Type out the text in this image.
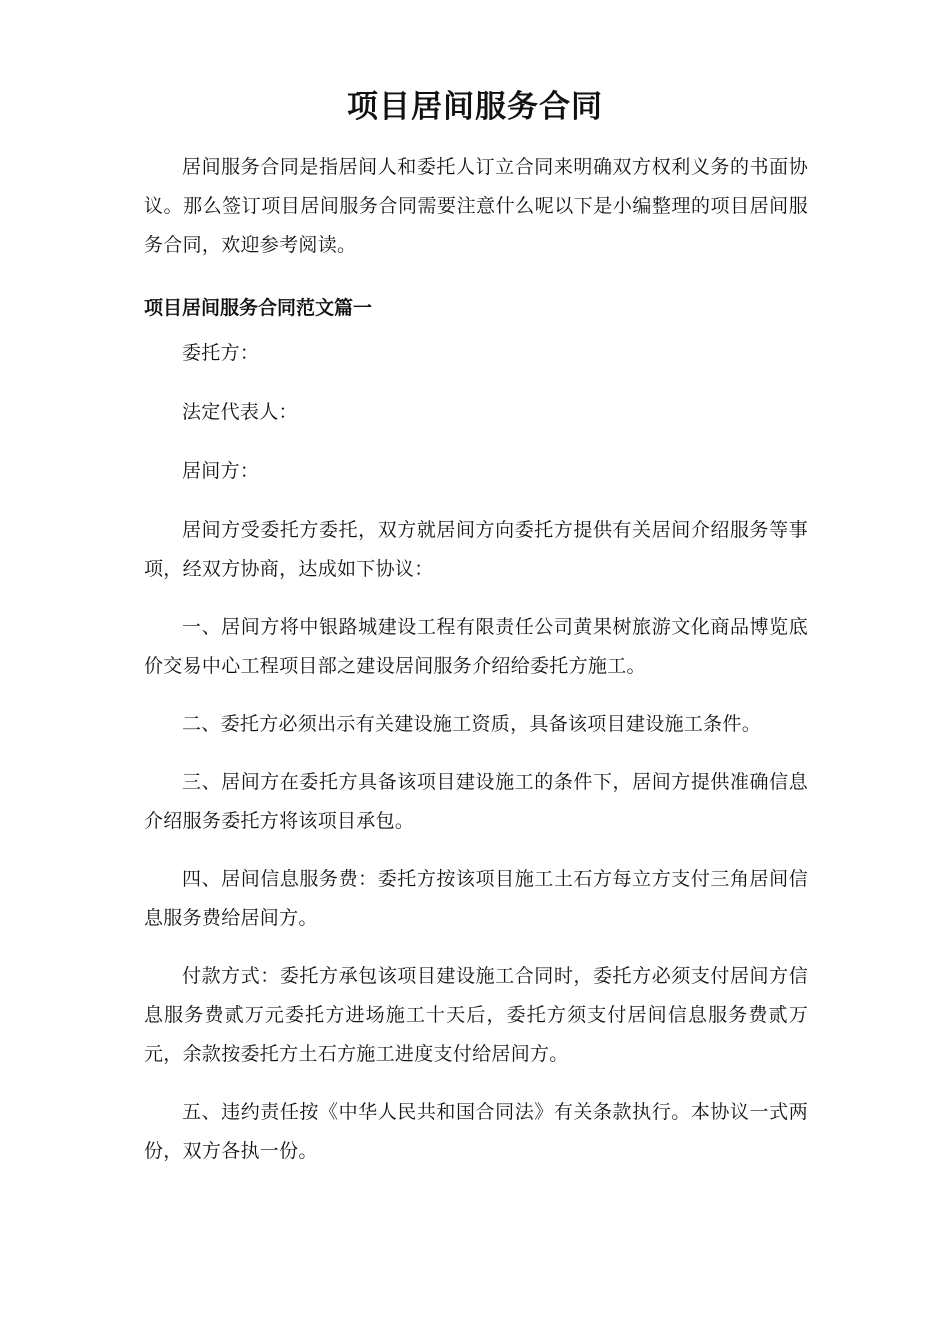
项目居间服务合同

居间服务合同是指居间人和委托人订立合同来明确双方权利义务的书面协议。那么签订项目居间服务合同需要注意什么呢以下是小编整理的项目居间服务合同，欢迎参考阅读。

项目居间服务合同范文篇一

委托方：

法定代表人：

居间方：

居间方受委托方委托，双方就居间方向委托方提供有关居间介绍服务等事项，经双方协商，达成如下协议：

一、居间方将中银路城建设工程有限责任公司黄果树旅游文化商品博览底价交易中心工程项目部之建设居间服务介绍给委托方施工。

二、委托方必须出示有关建设施工资质，具备该项目建设施工条件。

三、居间方在委托方具备该项目建设施工的条件下，居间方提供准确信息介绍服务委托方将该项目承包。

四、居间信息服务费：委托方按该项目施工土石方每立方支付三角居间信息服务费给居间方。

付款方式：委托方承包该项目建设施工合同时，委托方必须支付居间方信息服务费贰万元委托方进场施工十天后，委托方须支付居间信息服务费贰万元，余款按委托方土石方施工进度支付给居间方。

五、违约责任按《中华人民共和国合同法》有关条款执行。本协议一式两份，双方各执一份。
